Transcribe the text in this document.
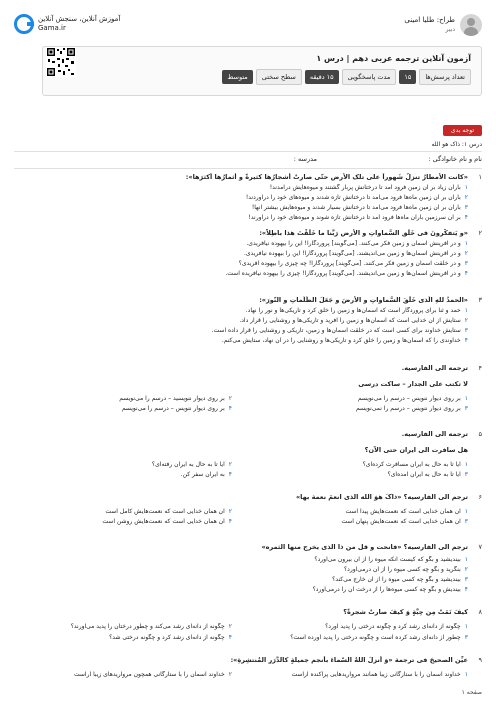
طراح: طلیا امینی
دبیر
آموزش آنلاین، سنجش آنلاین
Gama.ir
آزمون آنلاین ترجمه عربی دهم | درس ۱
تعداد پرسش‌ها
۱۵
مدت پاسخگویی
۱۵ دقیقه
سطح سختی
متوسط
توجه بدی
درس ۱: ذاک هو الله
نام و نام خانوادگی :
مدرسه :
۱
«کانت الأمطارُ تنزلُ شَهوراً علی تلک الأرضِ حتّی صارتْ أشجارُها کثیرةً و أثمارُها أکثرَها»:
۱باران زیاد بر آن زمین فرود آمد تا درختانش پربار گشتند و میوه‌هایش درآمدند!
۲باران بر آن زمین ماه‌ها فرود می‌آمد تا درختانش تازه شدند و میوه‌های خود را درآوردند!
۳باران بر آن زمین ماه‌ها فرود می‌آمد تا درختانش بسیار شدند و میوه‌هایش بیشتر آنها!
۴بر آن سرزمین باران ماه‌ها فرود آمد تا درختانش تازه شوند و میوه‌های خود را درآورند!
۲
«و یَتفکّرونَ فی خَلْقِ السَّماواتِ و الأرضِ رَبَّنا ما خَلَقْتَ هذا باطِلاً»:
۱و در آفرینش آسمان و زمین فکر می‌کنند. [می‌گویند] پروردگارا! این را بیهوده نیافریدی.
۲و در آفرینش آسمان‌ها و زمین می‌اندیشند. [می‌گویند] پروردگارا! این را بیهوده نیافریدی.
۳و در خلقت آسمان و زمین فکر می‌کنند. [می‌گویند] پروردگارا! چه چیزی را بیهوده آفریدی؟
۴و در آفرینش آسمان‌ها و زمین می‌اندیشند. [می‌گویند] پروردگارا! چیزی را بیهوده نیافریده است.
۳
«الحمدُ للهِ الّذی خَلَقَ السَّماواتِ و الأرضَ و جَعَلَ الظُّلُماتِ و النّورَ»:
۱حمد و ثنا برای پروردگار است که آسمان‌ها و زمین را خلق کرد و تاریکی‌ها و نور را نهاد.
۲ستایش از آن خدایی است که آسمان‌ها و زمین را آفرید و تاریکی‌ها و روشنایی را قرار داد.
۳ستایش خداوند برای کسی است که در خلقت آسمان‌ها و زمین، تاریکی و روشنایی را قرار داده است.
۴خداوندی را که آسمان‌ها و زمین را خلق کرد و تاریکی‌ها و روشنایی را در آن نهاد، ستایش می‌کنم.
۴
ترجمه الی الفارسیه.
لا تکتب علی الجدار – ساکت درسی
۱بر روی دیوار ننویس – درسم را می‌نویسم
۲بر روی دیوار ننویسید – درسم را می‌نویسم
۳بر روی دیوار ننویس – درسم را نمی‌نویسم
۴بر روی دیوار ننویس – درسم را می‌نویسم
۵
ترجمه الی الفارسیه.
هل سافرت الی ایران حتی الآن؟
۱آیا تا به حال به ایران مسافرت کرده‌ای؟
۲آیا تا به حال به ایران رفته‌ای؟
۳آیا تا به حال به ایران آمده‌ای؟
۴به ایران سفر کن.
۶
ترجم الی الفارسیه؟ «ذاکَ هوَ الله الذی انعمَ نعمة بها»
۱آن همان خدایی است که نعمت‌هایش پیدا است
۲آن همان خدایی است که نعمت‌هایش کامل است
۳آن همان خدایی است که نعمت‌هایش پنهان است
۴آن همان خدایی است که نعمت‌هایش روشن است
۷
ترجم الی الفارسیه؟ «فانحت و قل من ذا الذی یخرج منها الثمره»
۱بیندیشید و بگو که کیست آنکه میوه را از آن بیرون می‌آورد؟
۲بنگرید و بگو چه کسی میوه را از آن درمی‌آورد؟
۳بیندیشید و بگو چه کسی میوه را از آن خارج می‌کند؟
۴بیندیش و بگو چه کسی میوه‌ها را از درخت آن را درمی‌آورد؟
۸
کیفَ نَمَتْ مِن حِبَّةٍ وَ کیفَ صارتْ شجرةً؟
۱چگونه از دانه‌ای رشد کرد و چگونه درختی را پدید آورد؟
۲چگونه از دانه‌ای رشد می‌کند و چطور درختان را پدید می‌آورند؟
۳چطور از دانه‌ای رشد کرده است و چگونه درختی را پدید آورده است؟
۴چگونه از دانه‌ای رشد کرد و چگونه درختی شد؟
۹
عیِّن الصحیحَ فی ترجمة «وَ أنزلَ اللهُ السّماءَ بأنجمٍ جمیلةٍ کالدُّرَرِ المُنتشِرةِ»:
۱خداوند آسمان را با ستارگانی زیبا همانند مرواریدهایی پراکنده آراست
۲خداوند آسمان را با ستارگانی همچون مرواریدهای زیبا آراست
صفحه ۱
